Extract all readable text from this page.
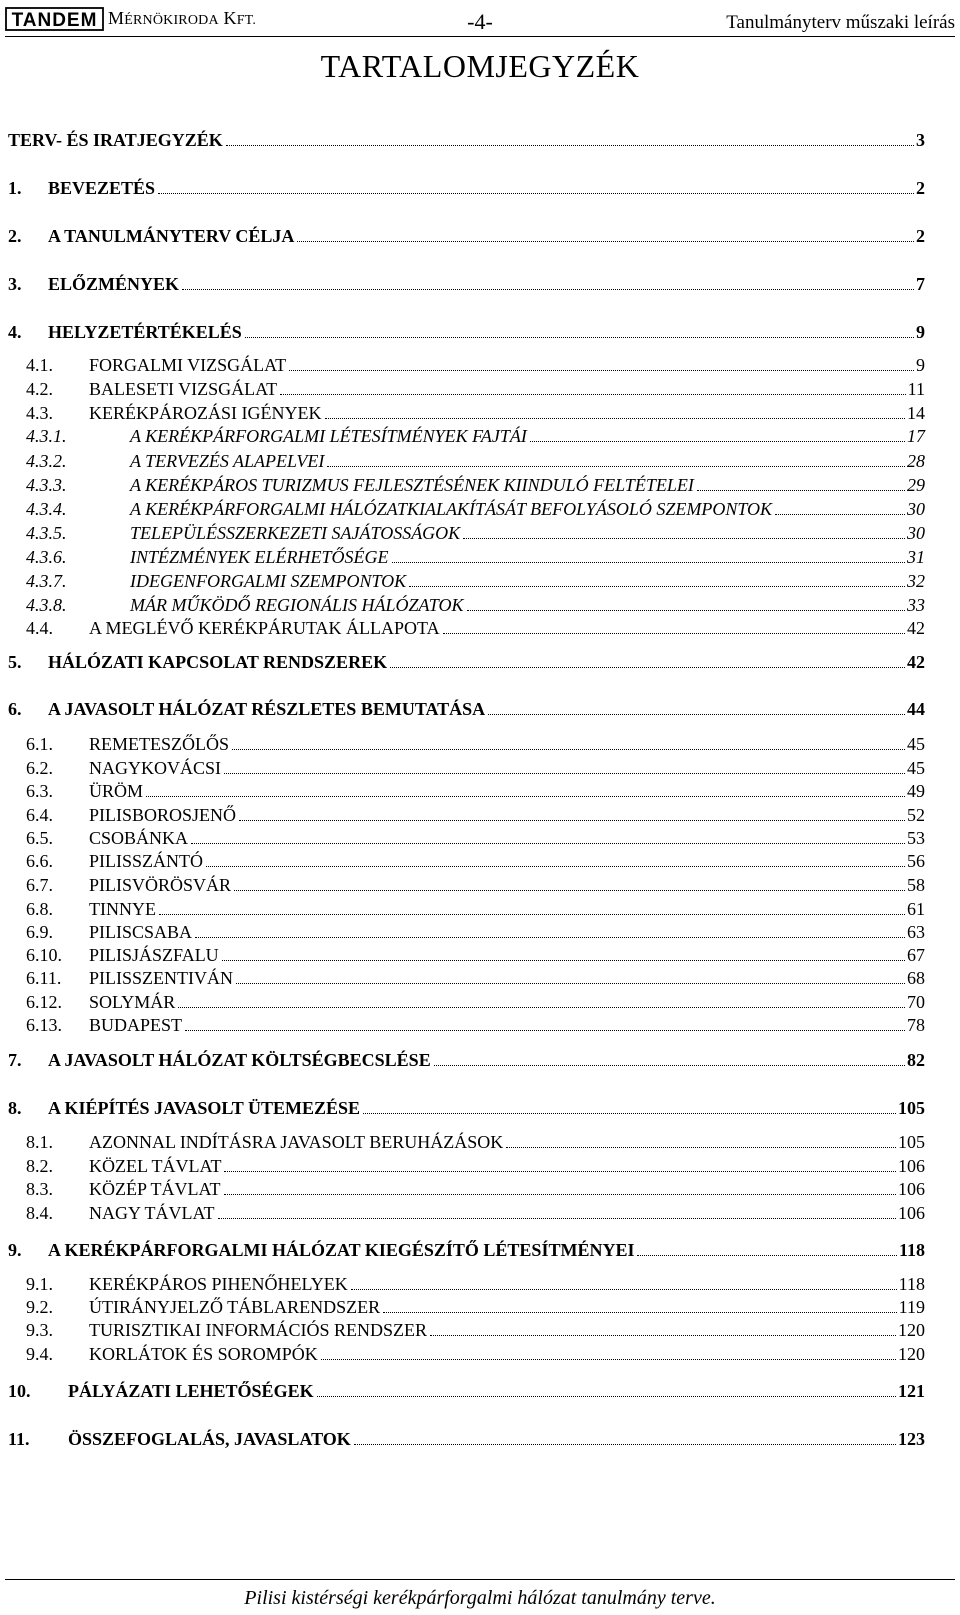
TANDEM MÉRNÖKIRODA KFT.	-4-	Tanulmányterv műszaki leírás
TARTALOMJEGYZÉK
TERV- ÉS IRATJEGYZÉK	3
1.	BEVEZETÉS	2
2.	A TANULMÁNYTERV CÉLJA	2
3.	ELŐZMÉNYEK	7
4.	HELYZETÉRTÉKELÉS	9
4.1.	FORGALMI VIZSGÁLAT	9
4.2.	BALESETI VIZSGÁLAT	11
4.3.	KERÉKPÁROZÁSI IGÉNYEK	14
4.3.1.	A KERÉKPÁRFORGALMI LÉTESÍTMÉNYEK FAJTÁI	17
4.3.2.	A TERVEZÉS ALAPELVEI	28
4.3.3.	A KERÉKPÁROS TURIZMUS FEJLESZTÉSÉNEK KIINDULÓ FELTÉTELEI	29
4.3.4.	A KERÉKPÁRFORGALMI HÁLÓZATKIALAKÍTÁSÁT BEFOLYÁSOLÓ SZEMPONTOK	30
4.3.5.	TELEPÜLÉSSZERKEZETI SAJÁTOSSÁGOK	30
4.3.6.	INTÉZMÉNYEK ELÉRHETŐSÉGE	31
4.3.7.	IDEGENFORGALMI SZEMPONTOK	32
4.3.8.	MÁR MŰKÖDŐ REGIONÁLIS HÁLÓZATOK	33
4.4.	A MEGLÉVŐ KERÉKPÁRUTAK ÁLLAPOTA	42
5.	HÁLÓZATI KAPCSOLAT RENDSZEREK	42
6.	A JAVASOLT HÁLÓZAT RÉSZLETES BEMUTATÁSA	44
6.1.	REMETESZŐLŐS	45
6.2.	NAGYKOVÁCSI	45
6.3.	ÜRÖM	49
6.4.	PILISBOROSJENŐ	52
6.5.	CSOBÁNKA	53
6.6.	PILISSZÁNTÓ	56
6.7.	PILISVÖRÖSVÁR	58
6.8.	TINNYE	61
6.9.	PILISCSABA	63
6.10.	PILISJÁSZFALU	67
6.11.	PILISSZENTIVÁN	68
6.12.	SOLYMÁR	70
6.13.	BUDAPEST	78
7.	A JAVASOLT HÁLÓZAT KÖLTSÉGBECSLÉSE	82
8.	A KIÉPÍTÉS JAVASOLT ÜTEMEZÉSE	105
8.1.	AZONNAL INDÍTÁSRA JAVASOLT BERUHÁZÁSOK	105
8.2.	KÖZEL TÁVLAT	106
8.3.	KÖZÉP TÁVLAT	106
8.4.	NAGY TÁVLAT	106
9.	A KERÉKPÁRFORGALMI HÁLÓZAT KIEGÉSZÍTŐ LÉTESÍTMÉNYEI	118
9.1.	KERÉKPÁROS PIHENŐHELYEK	118
9.2.	ÚTIRÁNYJELZŐ TÁBLARENDSZER	119
9.3.	TURISZTIKAI INFORMÁCIÓS RENDSZER	120
9.4.	KORLÁTOK ÉS SOROMPÓK	120
10.	PÁLYÁZATI LEHETŐSÉGEK	121
11.	ÖSSZEFOGLALÁS, JAVASLATOK	123
Pilisi kistérségi kerékpárforgalmi hálózat tanulmány terve.
